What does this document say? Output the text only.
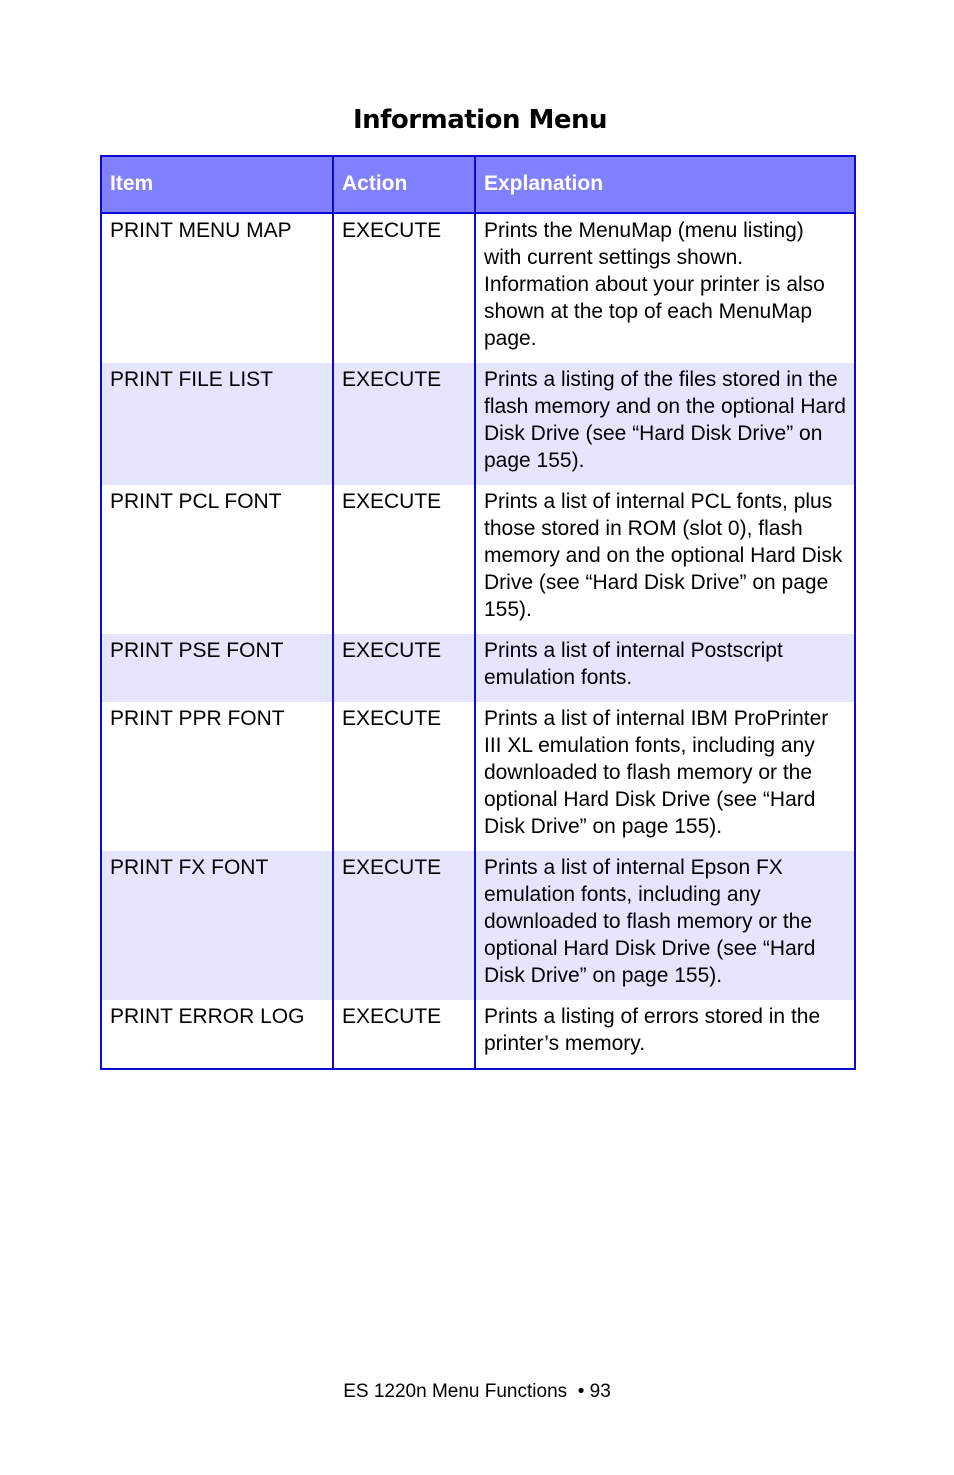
Information Menu
Item	Action	Explanation
PRINT MENU MAP	EXECUTE	Prints the MenuMap (menu listing) with current settings shown. Information about your printer is also shown at the top of each MenuMap page.
PRINT FILE LIST	EXECUTE	Prints a listing of the files stored in the flash memory and on the optional Hard Disk Drive (see “Hard Disk Drive” on page 155).
PRINT PCL FONT	EXECUTE	Prints a list of internal PCL fonts, plus those stored in ROM (slot 0), flash memory and on the optional Hard Disk Drive (see “Hard Disk Drive” on page 155).
PRINT PSE FONT	EXECUTE	Prints a list of internal Postscript emulation fonts.
PRINT PPR FONT	EXECUTE	Prints a list of internal IBM ProPrinter III XL emulation fonts, including any downloaded to flash memory or the optional Hard Disk Drive (see “Hard Disk Drive” on page 155).
PRINT FX FONT	EXECUTE	Prints a list of internal Epson FX emulation fonts, including any downloaded to flash memory or the optional Hard Disk Drive (see “Hard Disk Drive” on page 155).
PRINT ERROR LOG	EXECUTE	Prints a listing of errors stored in the printer’s memory.
ES 1220n Menu Functions  • 93
